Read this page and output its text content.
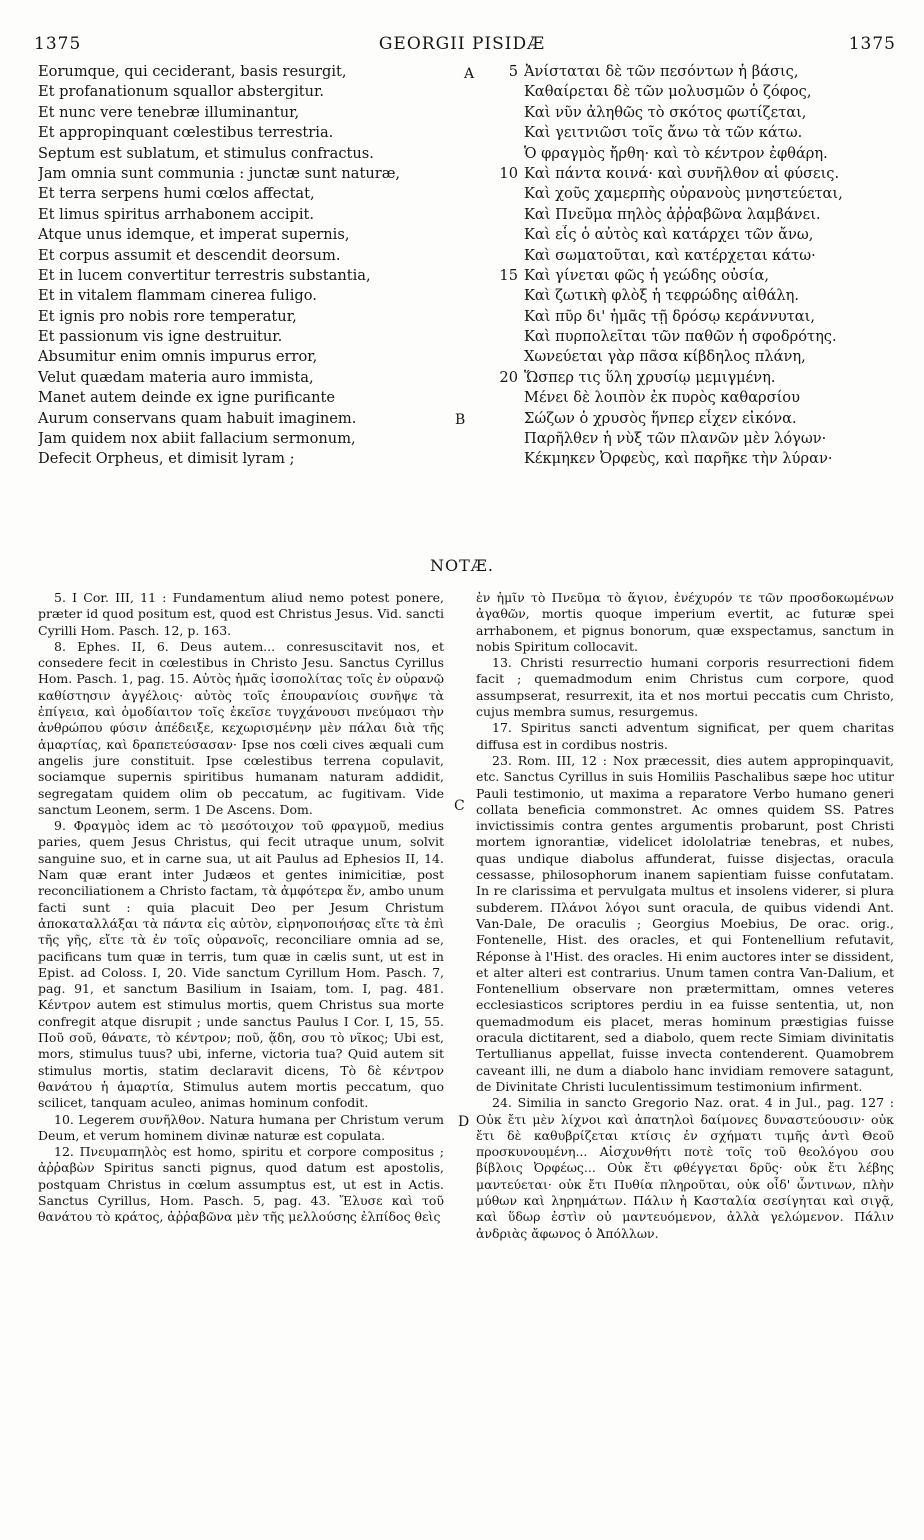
1375	GEORGII PISIDÆ	1375
A
B
C
D
Eorumque, qui ceciderant, basis resurgit,
Et profanationum squallor abstergitur.
Et nunc vere tenebræ illuminantur,
Et appropinquant cœlestibus terrestria.
Septum est sublatum, et stimulus confractus.
Jam omnia sunt communia : junctæ sunt naturæ,
Et terra serpens humi cœlos affectat,
Et limus spiritus arrhabonem accipit.
Atque unus idemque, et imperat supernis,
Et corpus assumit et descendit deorsum.
Et in lucem convertitur terrestris substantia,
Et in vitalem flammam cinerea fuligo.
Et ignis pro nobis rore temperatur,
Et passionum vis igne destruitur.
Absumitur enim omnis impurus error,
Velut quædam materia auro immista,
Manet autem deinde ex igne purificante
Aurum conservans quam habuit imaginem.
Jam quidem nox abiit fallacium sermonum,
Defecit Orpheus, et dimisit lyram ;
5 Ἀνίσταται δὲ τῶν πεσόντων ἡ βάσις,
Καθαίρεται δὲ τῶν μολυσμῶν ὁ ζόφος,
Καὶ νῦν ἀληθῶς τὸ σκότος φωτίζεται,
Καὶ γειτνιῶσι τοῖς ἄνω τὰ τῶν κάτω.
Ὁ φραγμὸς ἤρθη· καὶ τὸ κέντρον ἐφθάρη.
10 Καὶ πάντα κοινά· καὶ συνῆλθον αἱ φύσεις.
Καὶ χοῦς χαμερπὴς οὐρανοὺς μνηστεύεται,
Καὶ Πνεῦμα πηλὸς ἀῤῥαβῶνα λαμβάνει.
Καὶ εἷς ὁ αὐτὸς καὶ κατάρχει τῶν ἄνω,
Καὶ σωματοῦται, καὶ κατέρχεται κάτω·
15 Καὶ γίνεται φῶς ἡ γεώδης οὐσία,
Καὶ ζωτικὴ φλὸξ ἡ τεφρώδης αἰθάλη.
Καὶ πῦρ δι' ἡμᾶς τῇ δρόσῳ κεράννυται,
Καὶ πυρπολεῖται τῶν παθῶν ἡ σφοδρότης.
Χωνεύεται γὰρ πᾶσα κίβδηλος πλάνη,
20 Ὥσπερ τις ὕλη χρυσίῳ μεμιγμένη.
Μένει δὲ λοιπὸν ἐκ πυρὸς καθαρσίου
Σώζων ὁ χρυσὸς ἥνπερ εἶχεν εἰκόνα.
Παρῆλθεν ἡ νὺξ τῶν πλανῶν μὲν λόγων·
Κέκμηκεν Ὀρφεὺς, καὶ παρῆκε τὴν λύραν·
NOTÆ.

5. I Cor. III, 11 : Fundamentum aliud nemo potest ponere, præter id quod positum est, quod est Christus Jesus. Vid. sancti Cyrilli Hom. Pasch. 12, p. 163.

8. Ephes. II, 6. Deus autem... conresuscitavit nos, et consedere fecit in cœlestibus in Christo Jesu. Sanctus Cyrillus Hom. Pasch. 1, pag. 15. Αὐτὸς ἡμᾶς ἰσοπολίτας τοῖς ἐν οὐρανῷ καθίστησιν ἀγγέλοις· αὐτὸς τοῖς ἐπουρανίοις συνῆψε τὰ ἐπίγεια, καὶ ὁμοδίαιτον τοῖς ἐκεῖσε τυγχάνουσι πνεύμασι τὴν ἀνθρώπου φύσιν ἀπέδειξε, κεχωρισμένην μὲν πάλαι διὰ τῆς ἁμαρτίας, καὶ δραπετεύσασαν· Ipse nos cœli cives æquali cum angelis jure constituit. Ipse cœlestibus terrena copulavit, sociamque supernis spiritibus humanam naturam addidit, segregatam quidem olim ob peccatum, ac fugitivam. Vide sanctum Leonem, serm. 1 De Ascens. Dom.

9. Φραγμὸς idem ac τὸ μεσότοιχον τοῦ φραγμοῦ, medius paries, quem Jesus Christus, qui fecit utraque unum, solvit sanguine suo, et in carne sua, ut ait Paulus ad Ephesios II, 14. Nam quæ erant inter Judæos et gentes inimicitiæ, post reconciliationem a Christo factam, τὰ ἀμφότερα ἕν, ambo unum facti sunt : quia placuit Deo per Jesum Christum ἀποκαταλλάξαι τὰ πάντα εἰς αὐτὸν, εἰρηνοποιήσας εἴτε τὰ ἐπὶ τῆς γῆς, εἴτε τὰ ἐν τοῖς οὐρανοῖς, reconciliare omnia ad se, pacificans tum quæ in terris, tum quæ in cælis sunt, ut est in Epist. ad Coloss. I, 20. Vide sanctum Cyrillum Hom. Pasch. 7, pag. 91, et sanctum Basilium in Isaiam, tom. I, pag. 481. Κέντρον autem est stimulus mortis, quem Christus sua morte confregit atque disrupit ; unde sanctus Paulus I Cor. I, 15, 55. Ποῦ σοῦ, θάνατε, τὸ κέντρον; ποῦ, ᾅδη, σου τὸ νῖκος; Ubi est, mors, stimulus tuus? ubi, inferne, victoria tua? Quid autem sit stimulus mortis, statim declaravit dicens, Τὸ δὲ κέντρον θανάτου ἡ ἁμαρτία, Stimulus autem mortis peccatum, quo scilicet, tanquam aculeo, animas hominum confodit.

10. Legerem συνῆλθον. Natura humana per Christum verum Deum, et verum hominem divinæ naturæ est copulata.

12. Πνευμαπηλὸς est homo, spiritu et corpore compositus ; ἀῤῥαβὼν Spiritus sancti pignus, quod datum est apostolis, postquam Christus in cœlum assumptus est, ut est in Actis. Sanctus Cyrillus, Hom. Pasch. 5, pag. 43. Ἔλυσε καὶ τοῦ θανάτου τὸ κράτος, ἀῤῥαβῶνα μὲν τῆς μελλούσης ἐλπίδος θεὶς

ἐν ἡμῖν τὸ Πνεῦμα τὸ ἅγιον, ἐνέχυρόν τε τῶν προσδοκωμένων ἀγαθῶν, mortis quoque imperium evertit, ac futuræ spei arrhabonem, et pignus bonorum, quæ exspectamus, sanctum in nobis Spiritum collocavit.

13. Christi resurrectio humani corporis resurrectioni fidem facit ; quemadmodum enim Christus cum corpore, quod assumpserat, resurrexit, ita et nos mortui peccatis cum Christo, cujus membra sumus, resurgemus.

17. Spiritus sancti adventum significat, per quem charitas diffusa est in cordibus nostris.

23. Rom. III, 12 : Nox præcessit, dies autem appropinquavit, etc. Sanctus Cyrillus in suis Homiliis Paschalibus sæpe hoc utitur Pauli testimonio, ut maxima a reparatore Verbo humano generi collata beneficia commonstret. Ac omnes quidem SS. Patres invictissimis contra gentes argumentis probarunt, post Christi mortem ignorantiæ, videlicet idololatriæ tenebras, et nubes, quas undique diabolus affunderat, fuisse disjectas, oracula cessasse, philosophorum inanem sapientiam fuisse confutatam. In re clarissima et pervulgata multus et insolens viderer, si plura subderem. Πλάνοι λόγοι sunt oracula, de quibus videndi Ant. Van-Dale, De oraculis ; Georgius Moebius, De orac. orig., Fontenelle, Hist. des oracles, et qui Fontenellium refutavit, Réponse à l'Hist. des oracles. Hi enim auctores inter se dissident, et alter alteri est contrarius. Unum tamen contra Van-Dalium, et Fontenellium observare non prætermittam, omnes veteres ecclesiasticos scriptores perdiu in ea fuisse sententia, ut, non quemadmodum eis placet, meras hominum præstigias fuisse oracula dictitarent, sed a diabolo, quem recte Simiam divinitatis Tertullianus appellat, fuisse invecta contenderent. Quamobrem caveant illi, ne dum a diabolo hanc invidiam removere satagunt, de Divinitate Christi luculentissimum testimonium infirment.

24. Similia in sancto Gregorio Naz. orat. 4 in Jul., pag. 127 : Οὐκ ἔτι μὲν λίχνοι καὶ ἀπατηλοὶ δαίμονες δυναστεύουσιν· οὐκ ἔτι δὲ καθυβρίζεται κτίσις ἐν σχήματι τιμῆς ἀντὶ Θεοῦ προσκυνουμένη... Αἰσχυνθήτι ποτὲ τοῖς τοῦ θεολόγου σου βίβλοις Ὀρφέως... Οὐκ ἔτι φθέγγεται δρῦς· οὐκ ἔτι λέβης μαντεύεται· οὐκ ἔτι Πυθία πληροῦται, οὐκ οἶδ' ὧντινων, πλὴν μύθων καὶ ληρημάτων. Πάλιν ἡ Κασταλία σεσίγηται καὶ σιγᾷ, καὶ ὕδωρ ἐστὶν οὐ μαντευόμενον, ἀλλὰ γελώμενον. Πάλιν ἀνδριὰς ἄφωνος ὁ Ἀπόλλων.
